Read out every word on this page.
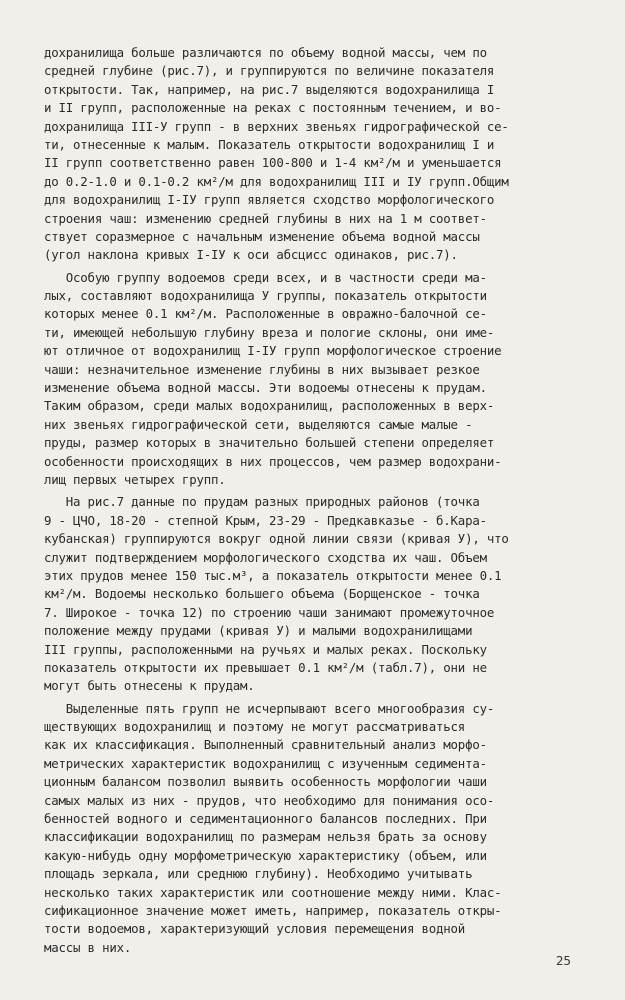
дохранилища больше различаются по объему водной массы, чем по
средней глубине (рис.7), и группируются по величине показателя
открытости. Так, например, на рис.7 выделяются водохранилища I
и II групп, расположенные на реках с постоянным течением, и во-
дохранилища III-У групп - в верхних звеньях гидрографической се-
ти, отнесенные к малым. Показатель открытости водохранилищ I и
II групп соответственно равен 100-800 и 1-4 км²/м и уменьшается
до 0.2-1.0 и 0.1-0.2 км²/м для водохранилищ III и IУ групп.Общим
для водохранилищ I-IУ групп является сходство морфологического
строения чаш: изменению средней глубины в них на 1 м соответ-
ствует соразмерное с начальным изменение объема водной массы
(угол наклона кривых I-IУ к оси абсцисс одинаков, рис.7).
Особую группу водоемов среди всех, и в частности среди ма-
лых, составляют водохранилища У группы, показатель открытости
которых менее 0.1 км²/м. Расположенные в овражно-балочной се-
ти, имеющей небольшую глубину вреза и пологие склоны, они име-
ют отличное от водохранилищ I-IУ групп морфологическое строение
чаши: незначительное изменение глубины в них вызывает резкое
изменение объема водной массы. Эти водоемы отнесены к прудам.
Таким образом, среди малых водохранилищ, расположенных в верх-
них звеньях гидрографической сети, выделяются самые малые -
пруды, размер которых в значительно большей степени определяет
особенности происходящих в них процессов, чем размер водохрани-
лищ первых четырех групп.
На рис.7 данные по прудам разных природных районов (точка
9 - ЦЧО, 18-20 - степной Крым, 23-29 - Предкавказье - б.Кара-
кубанская) группируются вокруг одной линии связи (кривая У), что
служит подтверждением морфологического сходства их чаш. Объем
этих прудов менее 150 тыс.м³, а показатель открытости менее 0.1
км²/м. Водоемы несколько большего объема (Борщенское - точка
7. Широкое - точка 12) по строению чаши занимают промежуточное
положение между прудами (кривая У) и малыми водохранилищами
III группы, расположенными на ручьях и малых реках. Поскольку
показатель открытости их превышает 0.1 км²/м (табл.7), они не
могут быть отнесены к прудам.
Выделенные пять групп не исчерпывают всего многообразия су-
ществующих водохранилищ и поэтому не могут рассматриваться
как их классификация. Выполненный сравнительный анализ морфо-
метрических характеристик водохранилищ с изученным седимента-
ционным балансом позволил выявить особенность морфологии чаши
самых малых из них - прудов, что необходимо для понимания осо-
бенностей водного и седиментационного балансов последних. При
классификации водохранилищ по размерам нельзя брать за основу
какую-нибудь одну морфометрическую характеристику (объем, или
площадь зеркала, или среднюю глубину). Необходимо учитывать
несколько таких характеристик или соотношение между ними. Клас-
сификационное значение может иметь, например, показатель откры-
тости водоемов, характеризующий условия перемещения водной
массы в них.
25
